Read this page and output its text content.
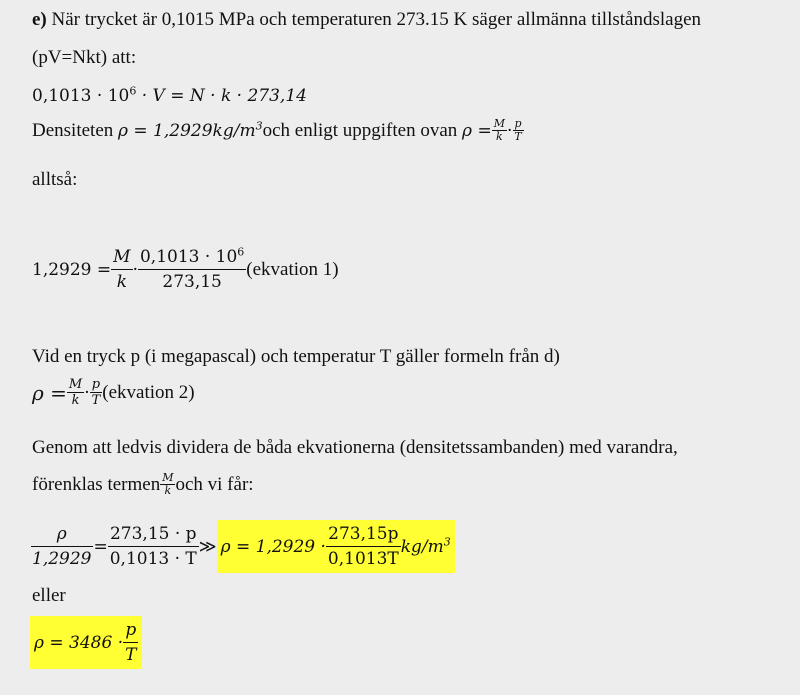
e) När trycket är 0,1015 MPa och temperaturen 273.15 K säger allmänna tillståndslagen
(pV=Nkt) att:
$0,1013 \cdot 10^6 \cdot V = N \cdot k \cdot 273,14$
Densiteten
ρ = 1,2929 $kg/m^3$ och enligt uppgiften ovan
$\rho = \frac{M}{k} \cdot \frac{p}{T}$
alltså:
$1,2929 = \frac{M}{k} \cdot \frac{0,1013 \cdot 10^6}{273,15}$ (ekvation 1)
Vid en tryck p (i megapascal) och temperatur T gäller formeln från d)
$\rho = \frac{M}{k} \cdot \frac{p}{T}$ (ekvation 2)
Genom att ledvis dividera de båda ekvationerna (densitetssambanden) med varandra,
förenklas termen $\frac{M}{k}$ och vi får:
$\frac{\rho}{1,2929} = \frac{273,15 \cdot p}{0,1013 \cdot T}$ ≫ $\rho = 1,2929 \cdot \frac{273,15p}{0,1013T} kg/m^3$
eller
$\rho = 3486 \cdot \frac{p}{T}$
